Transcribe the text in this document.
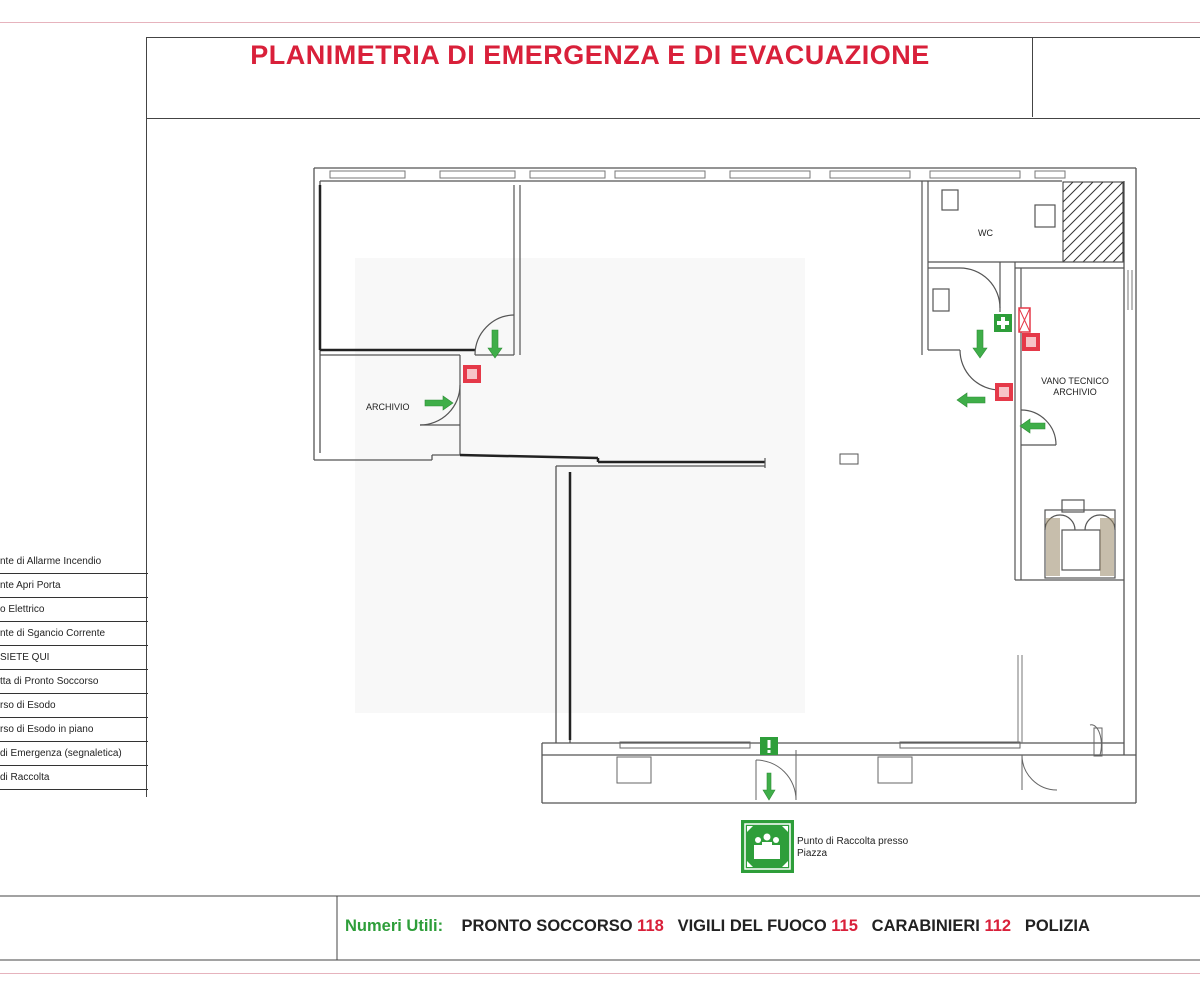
PLANIMETRIA DI EMERGENZA E DI EVACUAZIONE
nte di Allarme Incendio
nte Apri Porta
o Elettrico
nte di Sgancio Corrente
SIETE QUI
tta di Pronto Soccorso
rso di Esodo
rso di Esodo in piano
di Emergenza (segnaletica)
di Raccolta
ARCHIVIO
WC
VANO TECNICO
ARCHIVIO
Punto di Raccolta presso
Piazza
Numeri Utili: PRONTO SOCCORSO 118 VIGILI DEL FUOCO 115 CARABINIERI 112 POLIZIA
